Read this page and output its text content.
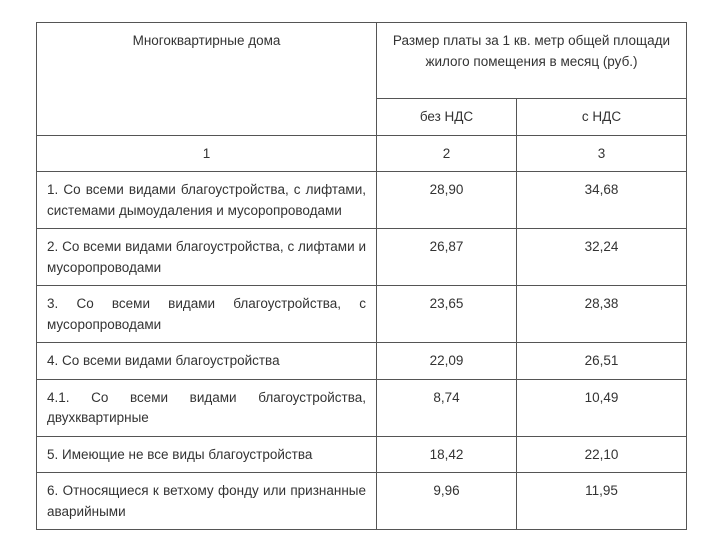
Многоквартирные дома	Размер платы за 1 кв. метр общей площади жилого помещения в месяц (руб.)	
	без НДС	с НДС
1	2	3
1. Со всеми видами благоустройства, с лифтами, системами дымоудаления и мусоропроводами	28,90	34,68
2. Со всеми видами благоустройства, с лифтами и мусоропроводами	26,87	32,24
3. Со всеми видами благоустройства, с мусоропроводами	23,65	28,38
4. Со всеми видами благоустройства	22,09	26,51
4.1. Со всеми видами благоустройства, двухквартирные	8,74	10,49
5. Имеющие не все виды благоустройства	18,42	22,10
6. Относящиеся к ветхому фонду или признанные аварийными	9,96	11,95
